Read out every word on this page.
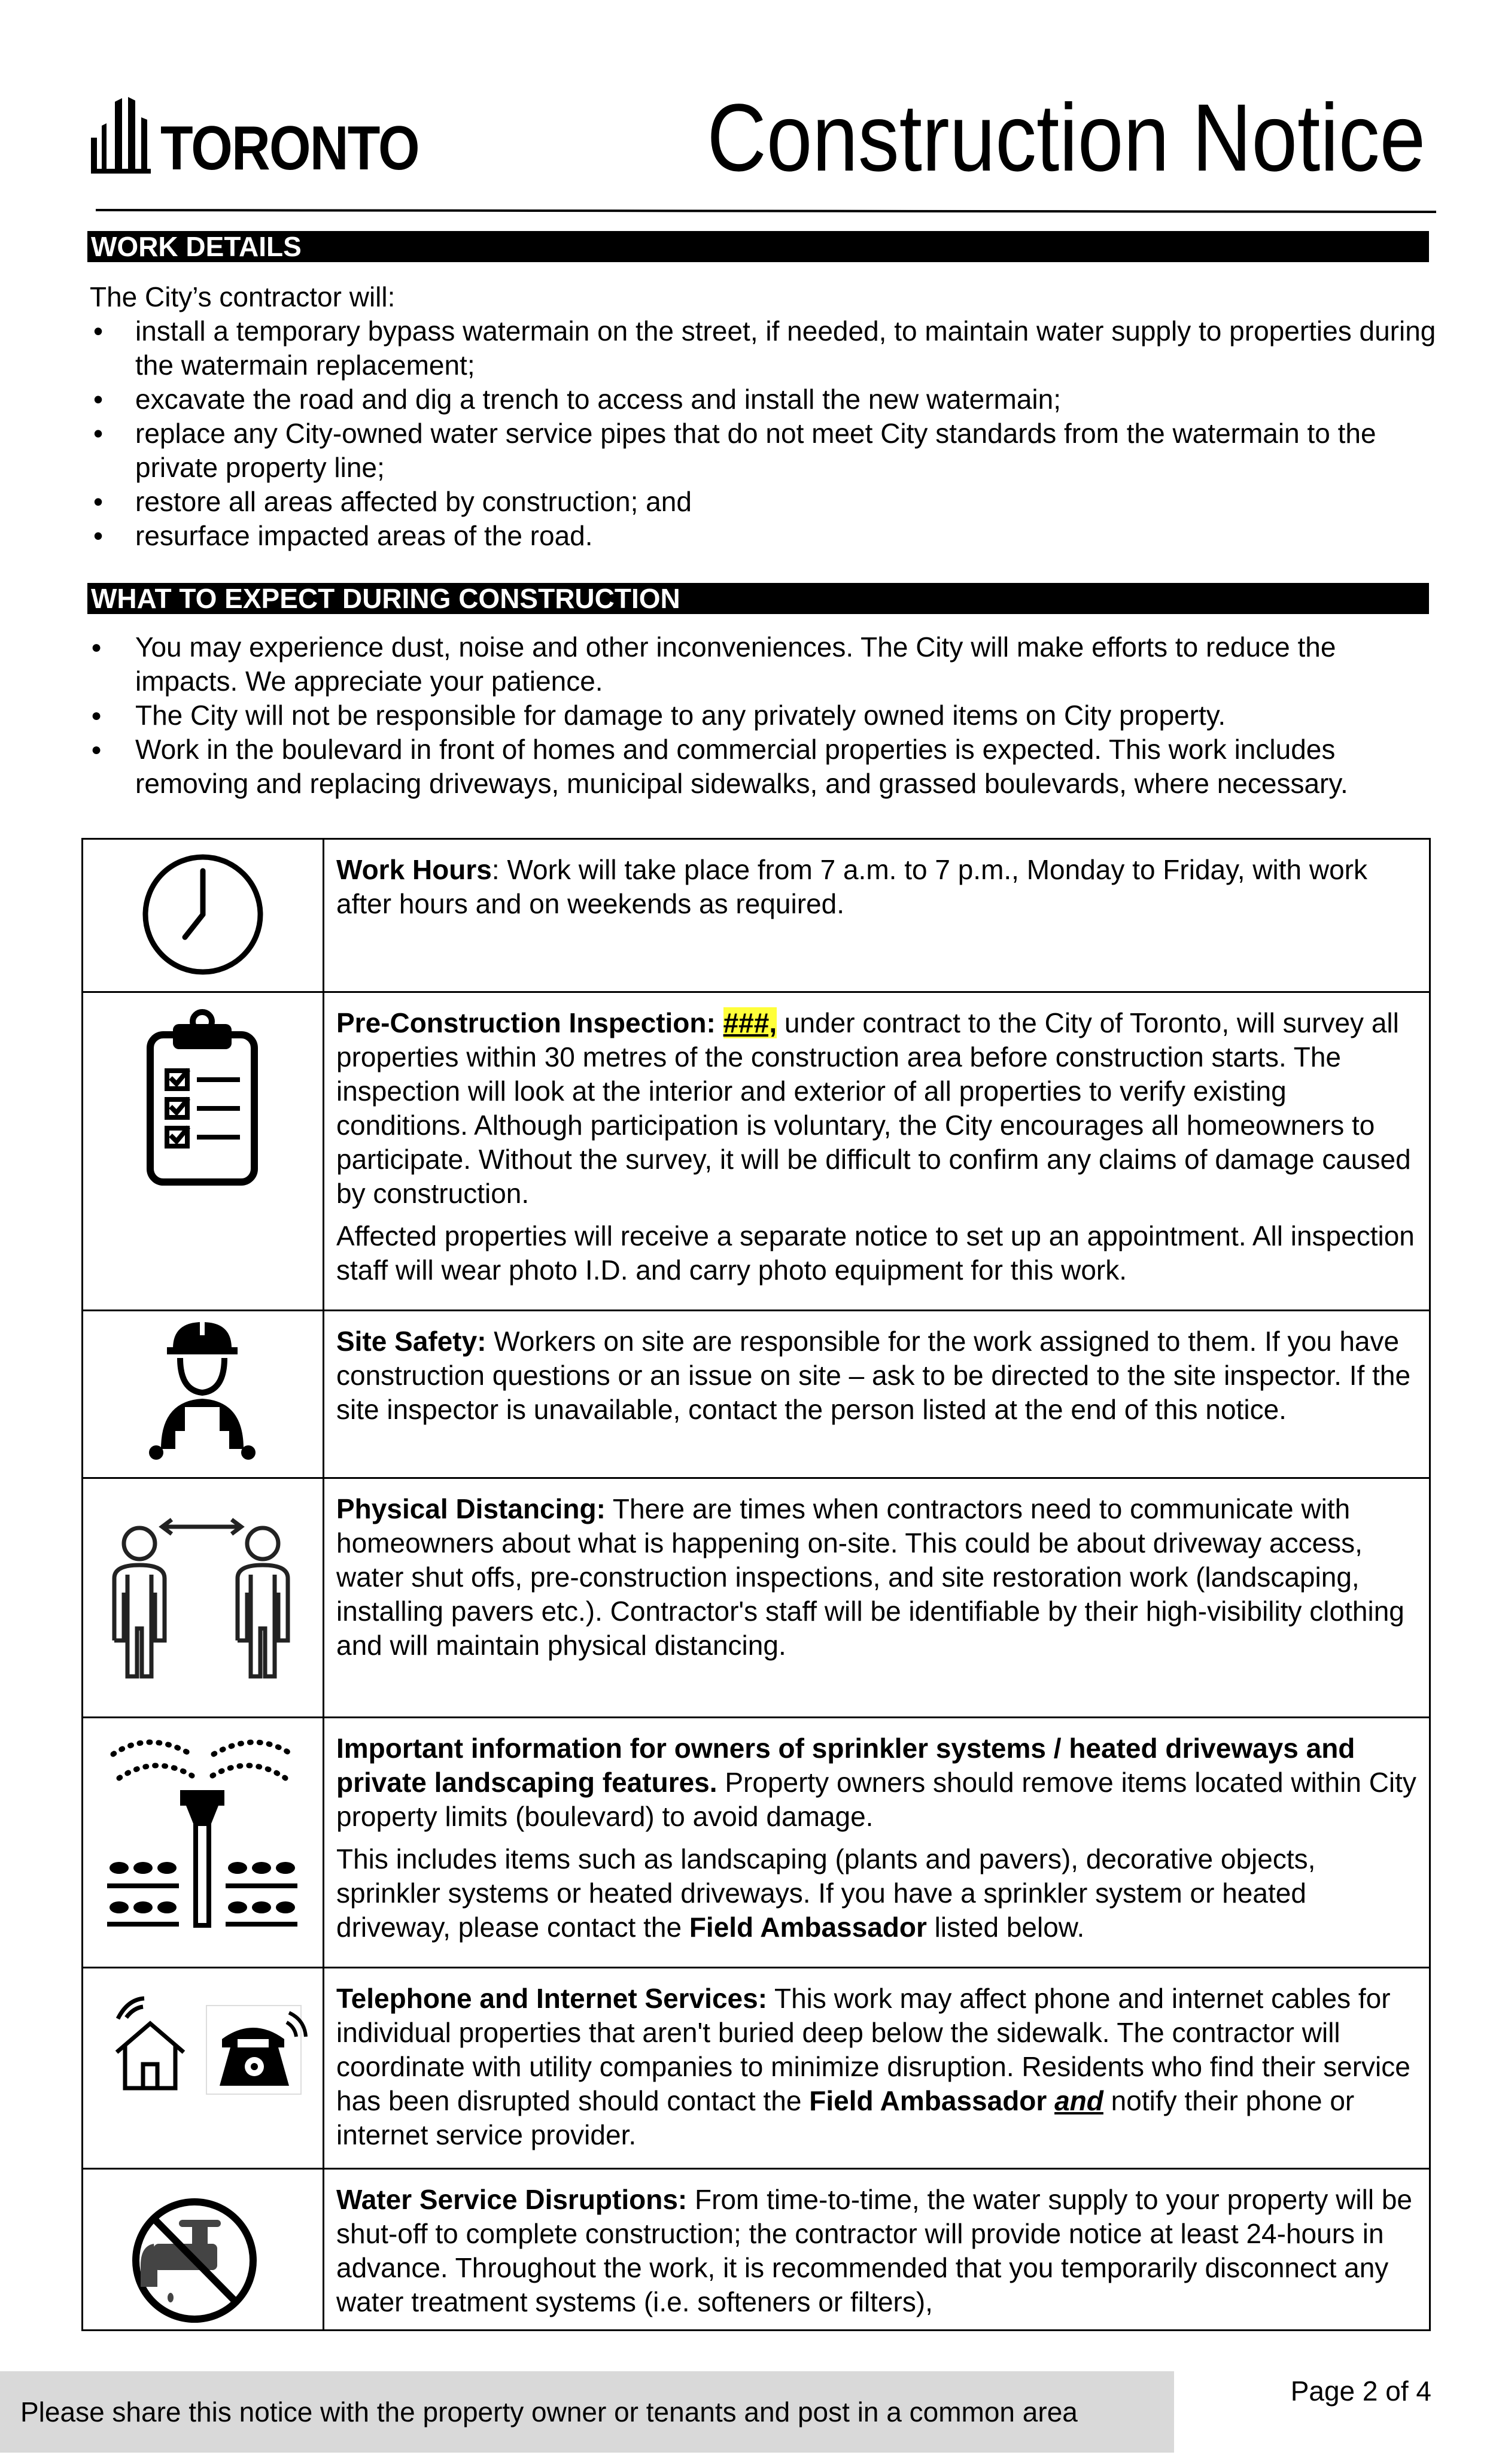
TORONTO	Construction Notice
WORK DETAILS
The City’s contractor will:
• install a temporary bypass watermain on the street, if needed, to maintain water supply to properties during the watermain replacement;
• excavate the road and dig a trench to access and install the new watermain;
• replace any City-owned water service pipes that do not meet City standards from the watermain to the private property line;
• restore all areas affected by construction; and
• resurface impacted areas of the road.
WHAT TO EXPECT DURING CONSTRUCTION
● You may experience dust, noise and other inconveniences. The City will make efforts to reduce the impacts. We appreciate your patience.
● The City will not be responsible for damage to any privately owned items on City property.
● Work in the boulevard in front of homes and commercial properties is expected. This work includes removing and replacing driveways, municipal sidewalks, and grassed boulevards, where necessary.

Work Hours: Work will take place from 7 a.m. to 7 p.m., Monday to Friday, with work after hours and on weekends as required.

Pre-Construction Inspection: ###, under contract to the City of Toronto, will survey all properties within 30 metres of the construction area before construction starts. The inspection will look at the interior and exterior of all properties to verify existing conditions. Although participation is voluntary, the City encourages all homeowners to participate. Without the survey, it will be difficult to confirm any claims of damage caused by construction.

Affected properties will receive a separate notice to set up an appointment. All inspection staff will wear photo I.D. and carry photo equipment for this work.

Site Safety: Workers on site are responsible for the work assigned to them. If you have construction questions or an issue on site – ask to be directed to the site inspector. If the site inspector is unavailable, contact the person listed at the end of this notice.

Physical Distancing: There are times when contractors need to communicate with homeowners about what is happening on-site. This could be about driveway access, water shut offs, pre-construction inspections, and site restoration work (landscaping, installing pavers etc.). Contractor's staff will be identifiable by their high-visibility clothing and will maintain physical distancing.

Important information for owners of sprinkler systems / heated driveways and private landscaping features. Property owners should remove items located within City property limits (boulevard) to avoid damage.

This includes items such as landscaping (plants and pavers), decorative objects, sprinkler systems or heated driveways. If you have a sprinkler system or heated driveway, please contact the Field Ambassador listed below.

Telephone and Internet Services: This work may affect phone and internet cables for individual properties that aren't buried deep below the sidewalk. The contractor will coordinate with utility companies to minimize disruption. Residents who find their service has been disrupted should contact the Field Ambassador and notify their phone or internet service provider.

Water Service Disruptions: From time-to-time, the water supply to your property will be shut-off to complete construction; the contractor will provide notice at least 24-hours in advance. Throughout the work, it is recommended that you temporarily disconnect any water treatment systems (i.e. softeners or filters),

Please share this notice with the property owner or tenants and post in a common area
Page 2 of 4
